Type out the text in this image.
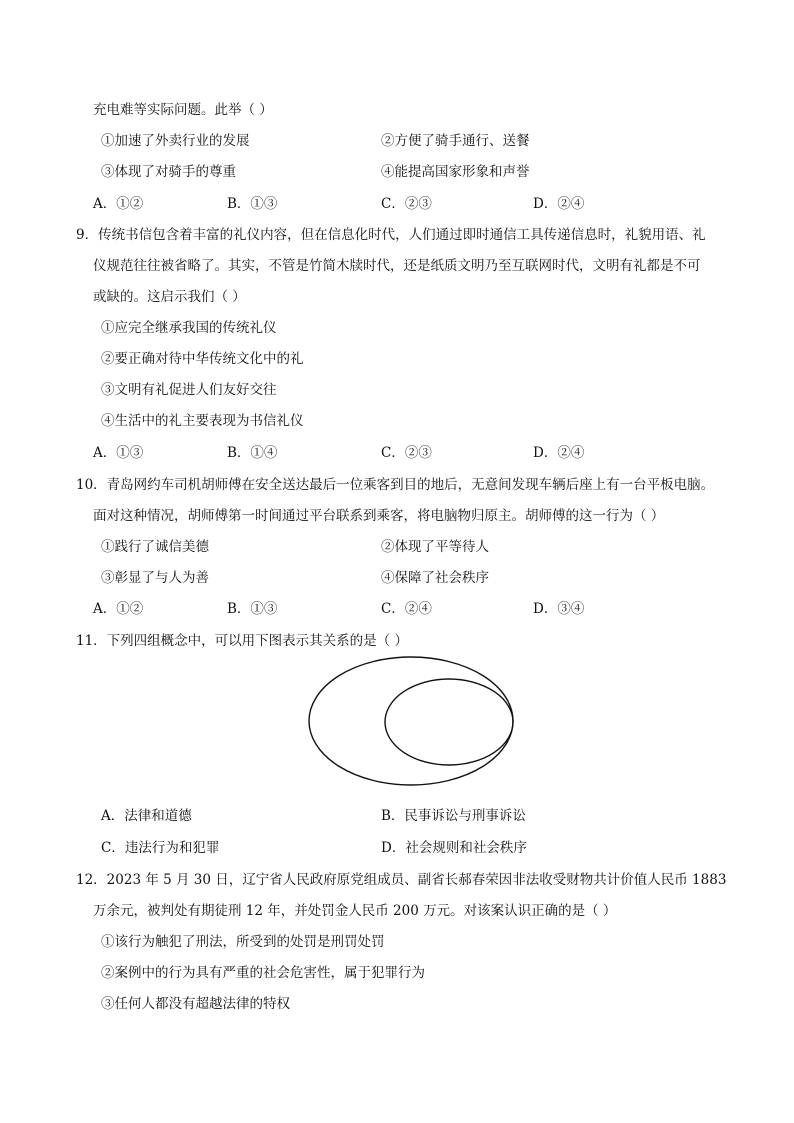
充电难等实际问题。此举（ ）
①加速了外卖行业的发展	②方便了骑手通行、送餐
③体现了对骑手的尊重	④能提高国家形象和声誉
A．①②	B．①③	C．②③	D．②④
9．传统书信包含着丰富的礼仪内容，但在信息化时代，人们通过即时通信工具传递信息时，礼貌用语、礼
仪规范往往被省略了。其实，不管是竹简木牍时代，还是纸质文明乃至互联网时代，文明有礼都是不可
或缺的。这启示我们（ ）
①应完全继承我国的传统礼仪
②要正确对待中华传统文化中的礼
③文明有礼促进人们友好交往
④生活中的礼主要表现为书信礼仪
A．①③	B．①④	C．②③	D．②④
10．青岛网约车司机胡师傅在安全送达最后一位乘客到目的地后，无意间发现车辆后座上有一台平板电脑。
面对这种情况，胡师傅第一时间通过平台联系到乘客，将电脑物归原主。胡师傅的这一行为（ ）
①践行了诚信美德	②体现了平等待人
③彰显了与人为善	④保障了社会秩序
A．①②	B．①③	C．②④	D．③④
11．下列四组概念中，可以用下图表示其关系的是（ ）
A．法律和道德	B．民事诉讼与刑事诉讼
C．违法行为和犯罪	D．社会规则和社会秩序
12．2023 年 5 月 30 日，辽宁省人民政府原党组成员、副省长郝春荣因非法收受财物共计价值人民币 1883
万余元，被判处有期徒刑 12 年，并处罚金人民币 200 万元。对该案认识正确的是（ ）
①该行为触犯了刑法，所受到的处罚是刑罚处罚
②案例中的行为具有严重的社会危害性，属于犯罪行为
③任何人都没有超越法律的特权
